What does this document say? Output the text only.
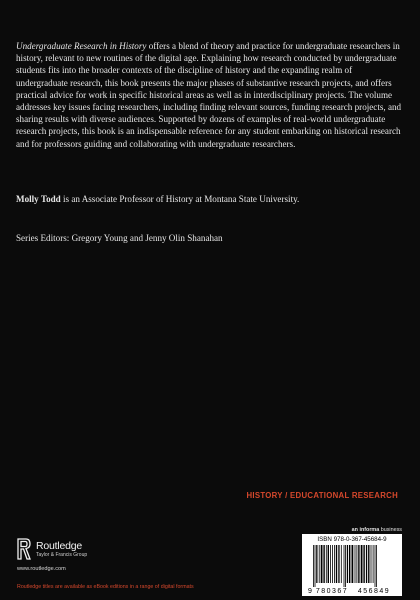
Undergraduate Research in History offers a blend of theory and practice for undergraduate researchers in history, relevant to new routines of the digital age. Explaining how research conducted by undergraduate students fits into the broader contexts of the discipline of history and the expanding realm of undergraduate research, this book presents the major phases of substantive research projects, and offers practical advice for work in specific historical areas as well as in interdisciplinary projects. The volume addresses key issues facing researchers, including finding relevant sources, funding research projects, and sharing results with diverse audiences. Supported by dozens of examples of real-world undergraduate research projects, this book is an indispensable reference for any student embarking on historical research and for professors guiding and collaborating with undergraduate researchers.

Molly Todd is an Associate Professor of History at Montana State University.

Series Editors: Gregory Young and Jenny Olin Shanahan

HISTORY / EDUCATIONAL RESEARCH
Routledge
Taylor & Francis Group
www.routledge.com
Routledge titles are available as eBook editions in a range of digital formats
an informa business
ISBN 978-0-367-45684-9
9 780367 456849
